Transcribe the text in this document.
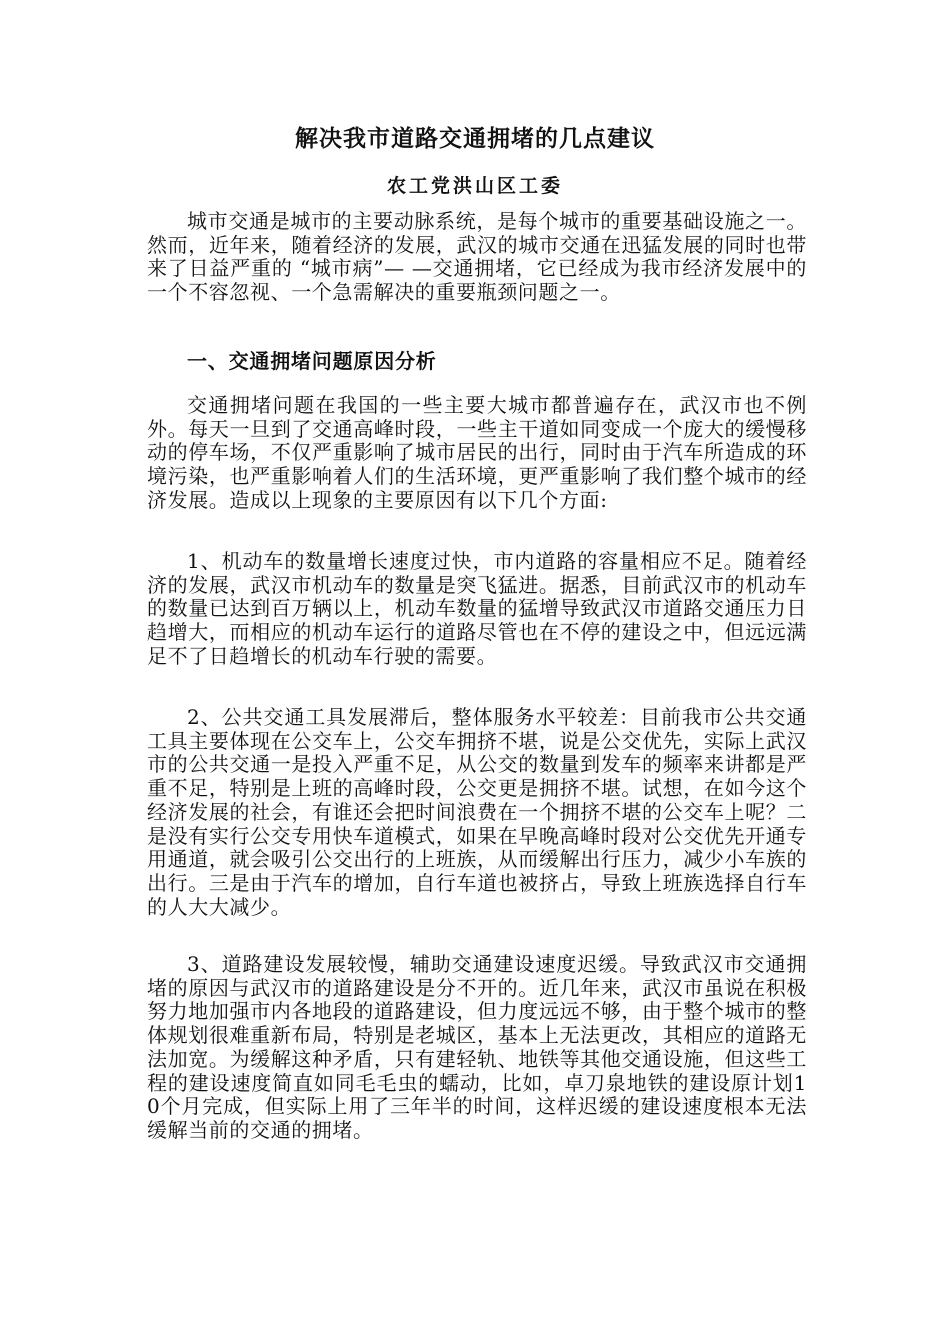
解决我市道路交通拥堵的几点建议
农工党洪山区工委

城市交通是城市的主要动脉系统，是每个城市的重要基础设施之一。然而，近年来，随着经济的发展，武汉的城市交通在迅猛发展的同时也带来了日益严重的 “城市病”— —交通拥堵，它已经成为我市经济发展中的一个不容忽视、一个急需解决的重要瓶颈问题之一。

一、交通拥堵问题原因分析

交通拥堵问题在我国的一些主要大城市都普遍存在，武汉市也不例外。每天一旦到了交通高峰时段，一些主干道如同变成一个庞大的缓慢移动的停车场，不仅严重影响了城市居民的出行，同时由于汽车所造成的环境污染，也严重影响着人们的生活环境，更严重影响了我们整个城市的经济发展。造成以上现象的主要原因有以下几个方面:

1、机动车的数量增长速度过快，市内道路的容量相应不足。随着经济的发展，武汉市机动车的数量是突飞猛进。据悉，目前武汉市的机动车的数量已达到百万辆以上，机动车数量的猛增导致武汉市道路交通压力日趋增大，而相应的机动车运行的道路尽管也在不停的建设之中，但远远满足不了日趋增长的机动车行驶的需要。

2、公共交通工具发展滞后，整体服务水平较差：目前我市公共交通工具主要体现在公交车上，公交车拥挤不堪，说是公交优先，实际上武汉市的公共交通一是投入严重不足，从公交的数量到发车的频率来讲都是严重不足，特别是上班的高峰时段，公交更是拥挤不堪。试想，在如今这个经济发展的社会，有谁还会把时间浪费在一个拥挤不堪的公交车上呢？二是没有实行公交专用快车道模式，如果在早晚高峰时段对公交优先开通专用通道，就会吸引公交出行的上班族，从而缓解出行压力，减少小车族的出行。三是由于汽车的增加，自行车道也被挤占，导致上班族选择自行车的人大大减少。

3、道路建设发展较慢，辅助交通建设速度迟缓。导致武汉市交通拥堵的原因与武汉市的道路建设是分不开的。近几年来，武汉市虽说在积极努力地加强市内各地段的道路建设，但力度远远不够，由于整个城市的整体规划很难重新布局，特别是老城区，基本上无法更改，其相应的道路无法加宽。为缓解这种矛盾，只有建轻轨、地铁等其他交通设施，但这些工程的建设速度简直如同毛毛虫的蠕动，比如，卓刀泉地铁的建设原计划10个月完成，但实际上用了三年半的时间，这样迟缓的建设速度根本无法缓解当前的交通的拥堵。
